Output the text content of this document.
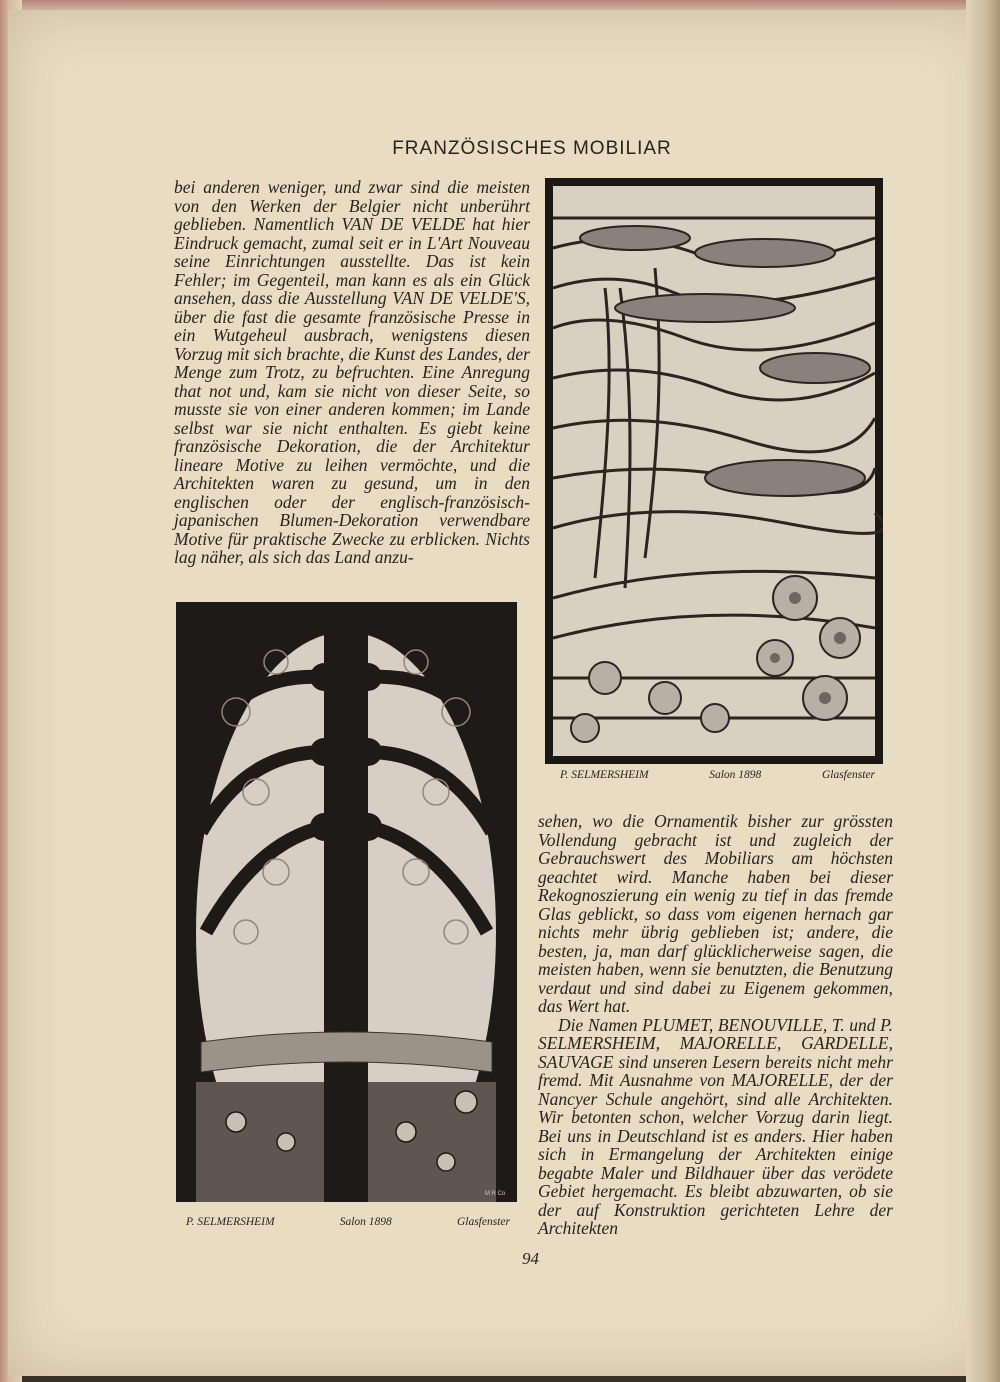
FRANZÖSISCHES MOBILIAR

bei anderen weniger, und zwar sind die meisten von den Werken der Belgier nicht unberührt geblieben. Namentlich VAN DE VELDE hat hier Eindruck gemacht, zumal seit er in L'Art Nouveau seine Einrichtungen ausstellte. Das ist kein Fehler; im Gegenteil, man kann es als ein Glück ansehen, dass die Ausstellung VAN DE VELDE'S, über die fast die gesamte französische Presse in ein Wutgeheul ausbrach, wenigstens diesen Vorzug mit sich brachte, die Kunst des Landes, der Menge zum Trotz, zu befruchten. Eine Anregung that not und, kam sie nicht von dieser Seite, so musste sie von einer anderen kommen; im Lande selbst war sie nicht enthalten. Es giebt keine französische Dekoration, die der Architektur lineare Motive zu leihen vermöchte, und die Architekten waren zu gesund, um in den englischen oder der englisch-französisch-japanischen Blumen-Dekoration verwendbare Motive für praktische Zwecke zu erblicken. Nichts lag näher, als sich das Land anzu-

P. SELMERSHEIM	Salon 1898	Glasfenster
M R Co
P. SELMERSHEIM	Salon 1898	Glasfenster

sehen, wo die Ornamentik bisher zur grössten Vollendung gebracht ist und zugleich der Gebrauchswert des Mobiliars am höchsten geachtet wird. Manche haben bei dieser Rekognoszierung ein wenig zu tief in das fremde Glas geblickt, so dass vom eigenen hernach gar nichts mehr übrig geblieben ist; andere, die besten, ja, man darf glücklicherweise sagen, die meisten haben, wenn sie benutzten, die Benutzung verdaut und sind dabei zu Eigenem gekommen, das Wert hat.

Die Namen PLUMET, BENOUVILLE, T. und P. SELMERSHEIM, MAJORELLE, GARDELLE, SAUVAGE sind unseren Lesern bereits nicht mehr fremd. Mit Ausnahme von MAJORELLE, der der Nancyer Schule angehört, sind alle Architekten. Wir betonten schon, welcher Vorzug darin liegt. Bei uns in Deutschland ist es anders. Hier haben sich in Ermangelung der Architekten einige begabte Maler und Bildhauer über das verödete Gebiet hergemacht. Es bleibt abzuwarten, ob sie der auf Konstruktion gerichteten Lehre der Architekten

94
